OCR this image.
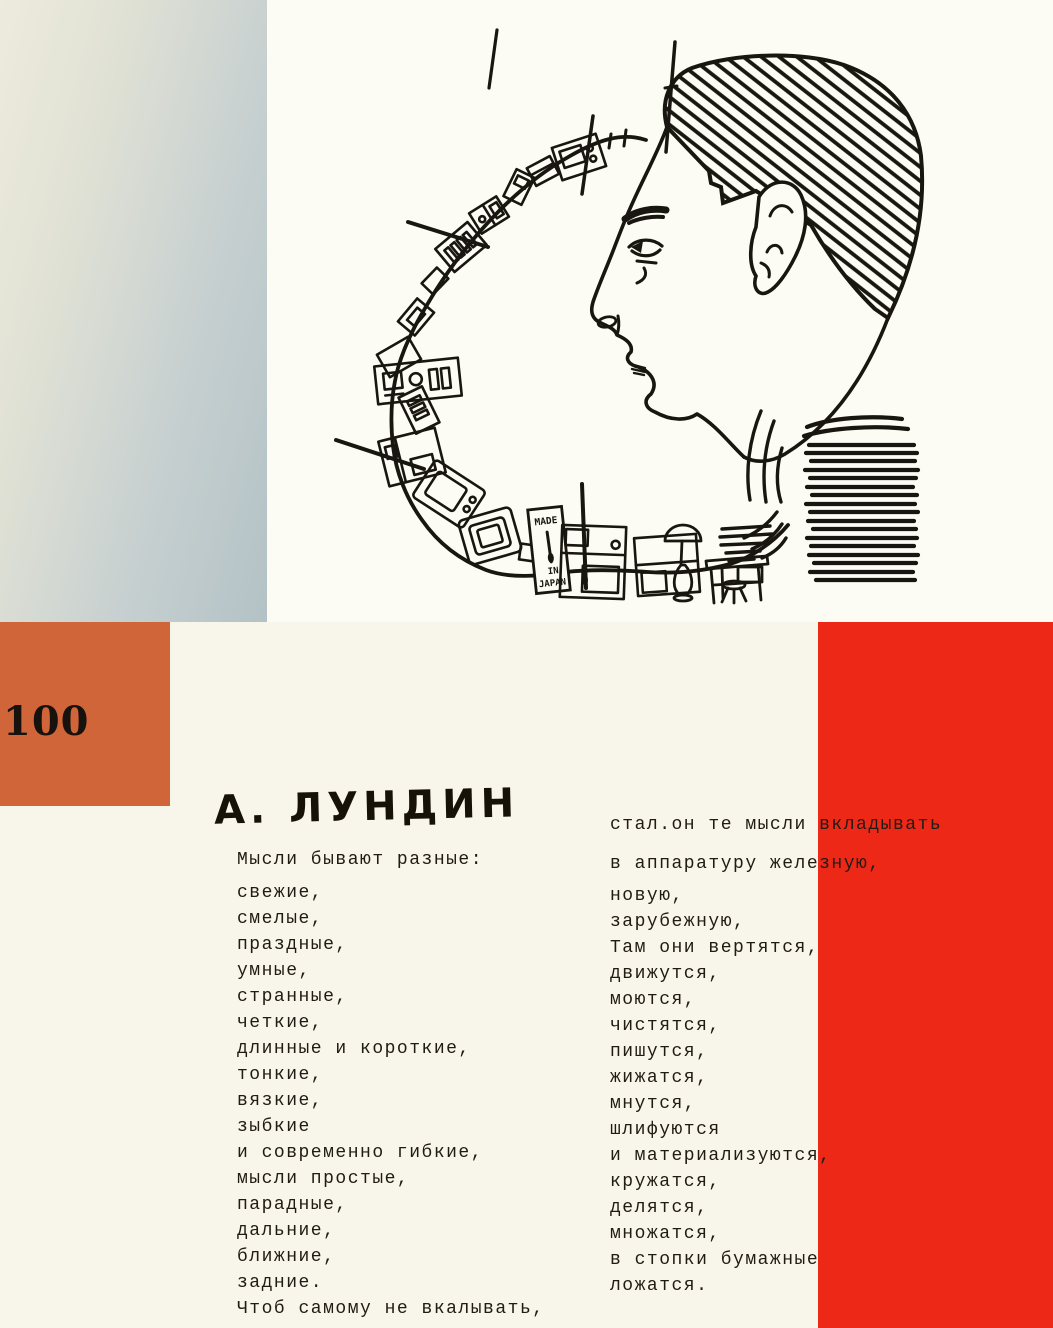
MADE
IN
JAPAN
100
А. ЛУНДИН
Мысли бывают разные:
свежие,
смелые,
праздные,
умные,
странные,
четкие,
длинные и короткие,
тонкие,
вязкие,
зыбкие
и современно гибкие,
мысли простые,
парадные,
дальние,
ближние,
задние.
Чтоб самому не вкалывать,
стал.он те мысли вкладывать
в аппаратуру железную,
новую,
зарубежную,
Там они вертятся,
движутся,
моются,
чистятся,
пишутся,
жижатся,
мнутся,
шлифуются
и материализуются,
кружатся,
делятся,
множатся,
в стопки бумажные
ложатся.
